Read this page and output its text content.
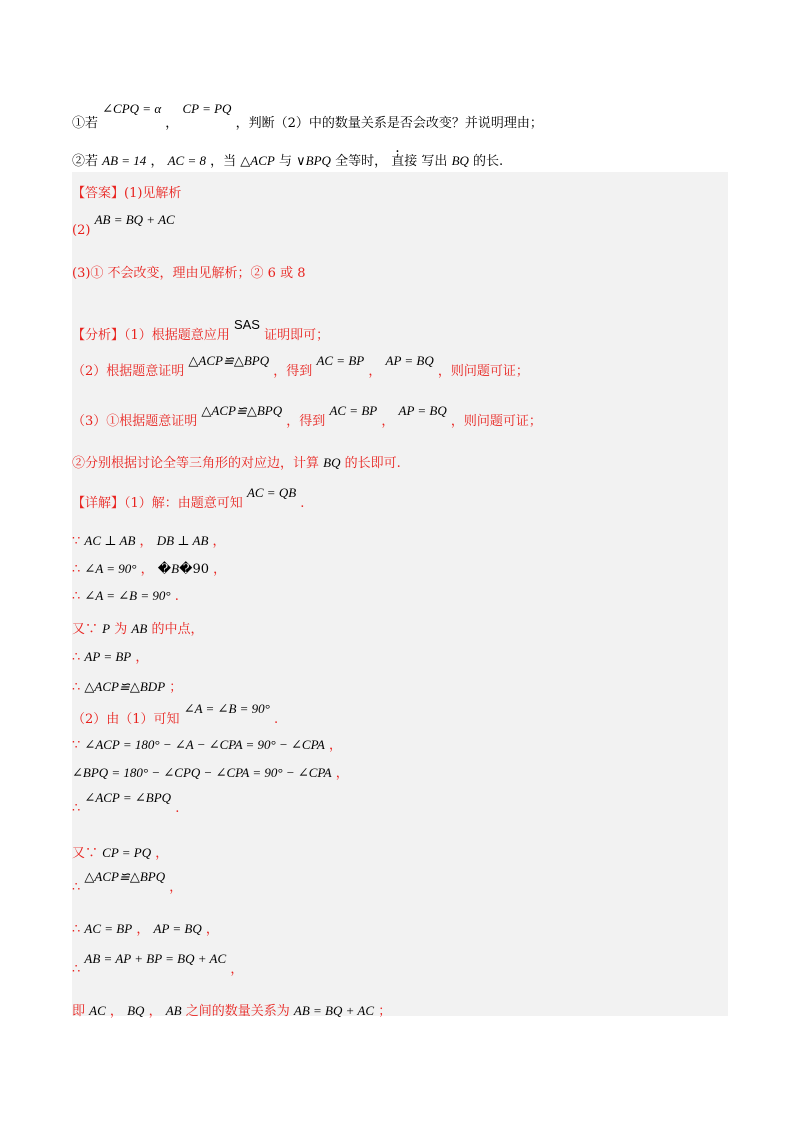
①若 ∠CPQ = α ， CP = PQ ，判断（2）中的数量关系是否会改变？并说明理由；
②若 AB = 14 ， AC = 8 ，当 △ACP 与 ∨BPQ 全等时， 直接 写出 BQ 的长.
【答案】(1)见解析
(2) AB = BQ + AC
(3)① 不会改变，理由见解析；② 6 或 8
【分析】（1）根据题意应用 SAS 证明即可；
（2）根据题意证明 △ACP≌△BPQ ，得到 AC = BP ， AP = BQ ，则问题可证；
（3）①根据题意证明 △ACP≌△BPQ ，得到 AC = BP ， AP = BQ ，则问题可证；
②分别根据讨论全等三角形的对应边，计算 BQ 的长即可.
【详解】（1）解：由题意可知 AC = QB .
∵ AC ⊥ AB ， DB ⊥ AB ，
∴ ∠A = 90° ， �B�90 ，
∴ ∠A = ∠B = 90° .
又∵ P 为 AB 的中点，
∴ AP = BP ，
∴ △ACP≌△BDP ；
（2）由（1）可知 ∠A = ∠B = 90° .
∵ ∠ACP = 180° − ∠A − ∠CPA = 90° − ∠CPA ，
∠BPQ = 180° − ∠CPQ − ∠CPA = 90° − ∠CPA ，
∴ ∠ACP = ∠BPQ .
又∵ CP = PQ ，
∴ △ACP≌△BPQ ，
∴ AC = BP ， AP = BQ ，
∴ AB = AP + BP = BQ + AC ，
即 AC ， BQ ， AB 之间的数量关系为 AB = BQ + AC ；
